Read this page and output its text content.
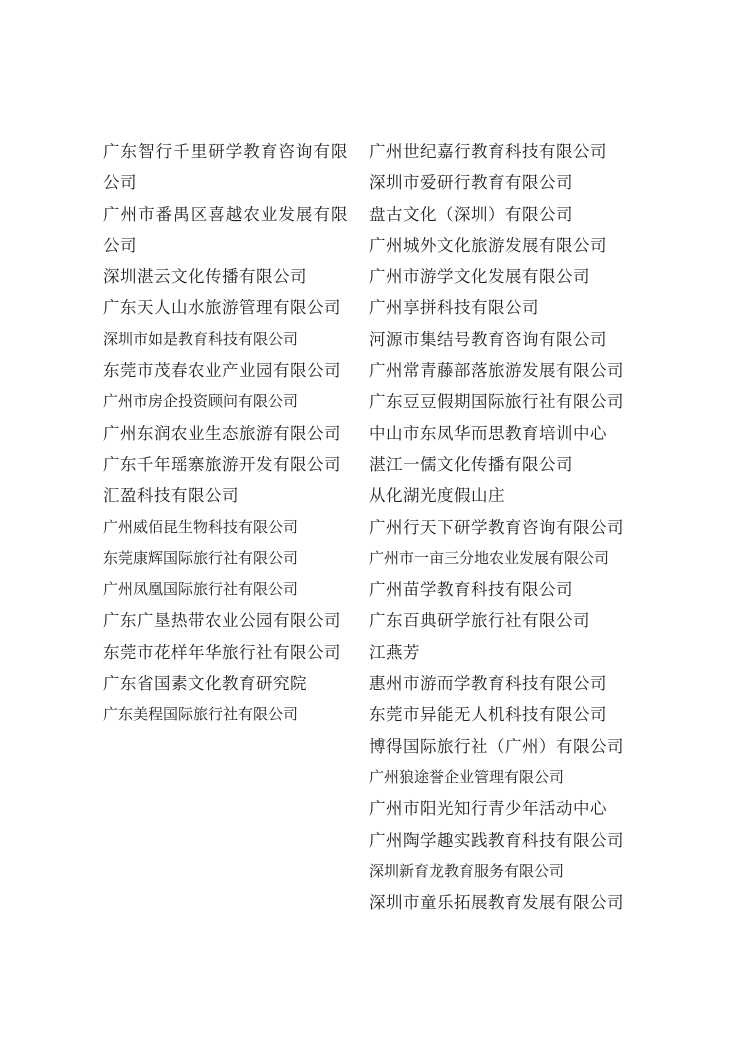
广东智行千里研学教育咨询有限公司
广州市番禺区喜越农业发展有限公司
深圳湛云文化传播有限公司
广东天人山水旅游管理有限公司
深圳市如是教育科技有限公司
东莞市茂春农业产业园有限公司
广州市房企投资顾问有限公司
广州东润农业生态旅游有限公司
广东千年瑶寨旅游开发有限公司
汇盈科技有限公司
广州威佰昆生物科技有限公司
东莞康辉国际旅行社有限公司
广州凤凰国际旅行社有限公司
广东广垦热带农业公园有限公司
东莞市花样年华旅行社有限公司
广东省国素文化教育研究院
广东美程国际旅行社有限公司
广州世纪嘉行教育科技有限公司
深圳市爱研行教育有限公司
盘古文化（深圳）有限公司
广州城外文化旅游发展有限公司
广州市游学文化发展有限公司
广州享拼科技有限公司
河源市集结号教育咨询有限公司
广州常青藤部落旅游发展有限公司
广东豆豆假期国际旅行社有限公司
中山市东凤华而思教育培训中心
湛江一儒文化传播有限公司
从化湖光度假山庄
广州行天下研学教育咨询有限公司
广州市一亩三分地农业发展有限公司
广州苗学教育科技有限公司
广东百典研学旅行社有限公司
江燕芳
惠州市游而学教育科技有限公司
东莞市异能无人机科技有限公司
博得国际旅行社（广州）有限公司
广州狼途誉企业管理有限公司
广州市阳光知行青少年活动中心
广州陶学趣实践教育科技有限公司
深圳新育龙教育服务有限公司
深圳市童乐拓展教育发展有限公司
